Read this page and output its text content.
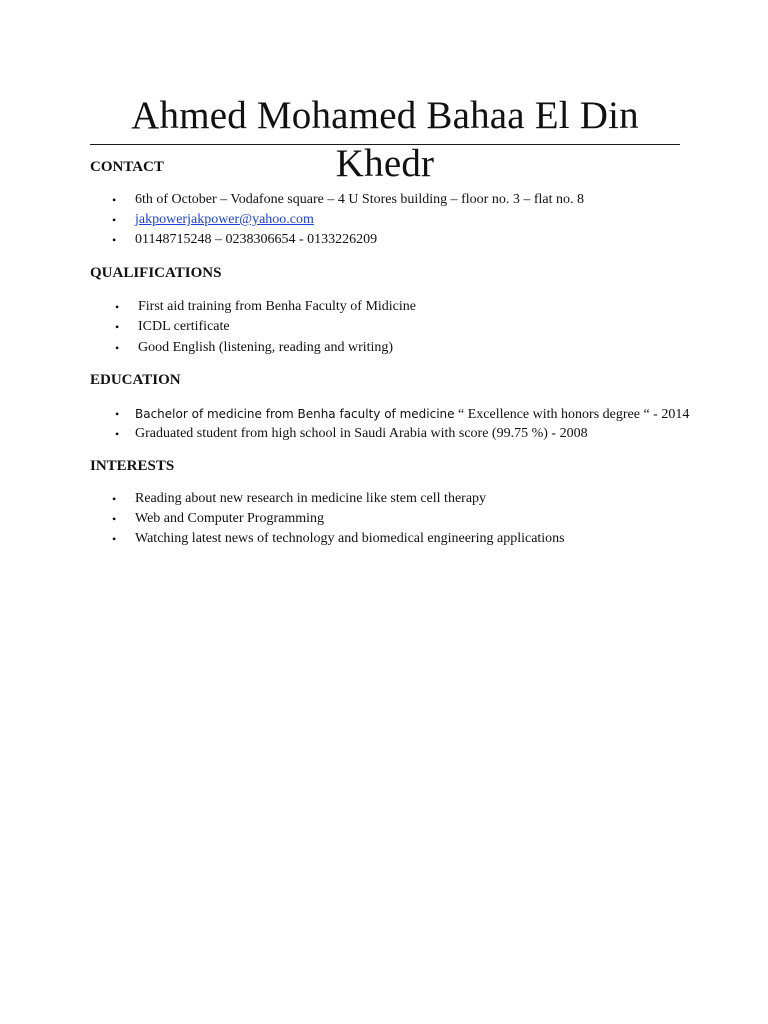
Ahmed Mohamed Bahaa El Din Khedr
CONTACT
• 6th of October – Vodafone square – 4 U Stores building – floor no. 3 – flat no. 8
• jakpowerjakpower@yahoo.com
• 01148715248 – 0238306654 - 0133226209
QUALIFICATIONS
• First aid training from Benha Faculty of Midicine
• ICDL certificate
• Good English (listening, reading and writing)
EDUCATION
• Bachelor of medicine from Benha faculty of medicine “ Excellence with honors degree “ - 2014
• Graduated student from high school in Saudi Arabia with score (99.75 %) - 2008
INTERESTS
• Reading about new research in medicine like stem cell therapy
• Web and Computer Programming
• Watching latest news of technology and biomedical engineering applications
